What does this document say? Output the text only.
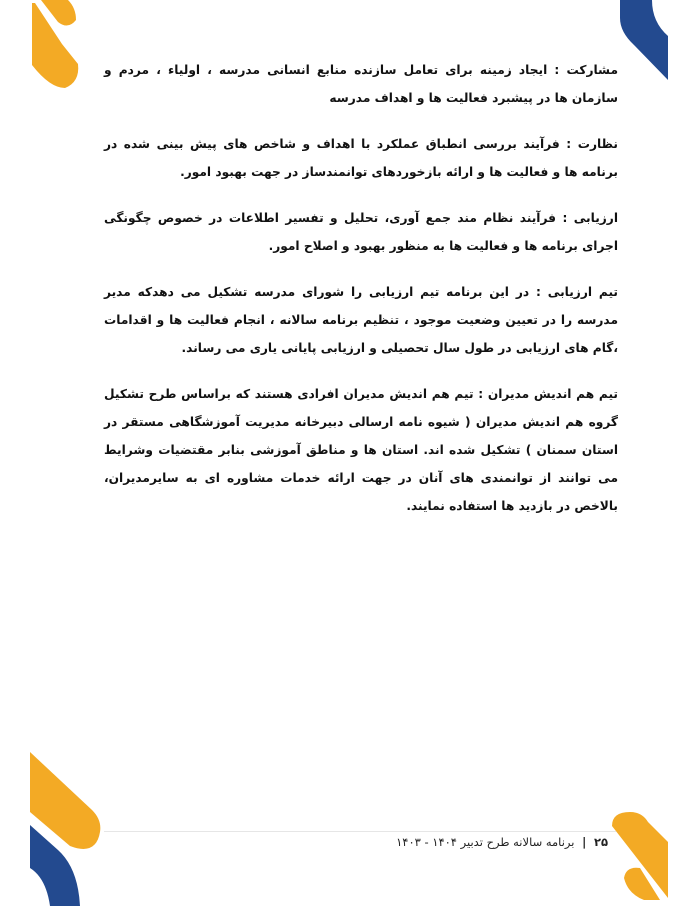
مشارکت : ایجاد زمینه برای تعامل سازنده منابع انسانی مدرسه ، اولیاء ، مردم و سازمان ها در پیشبرد فعالیت ها و اهداف مدرسه

نظارت : فرآیند بررسی انطباق عملکرد با اهداف و شاخص های پیش بینی شده در برنامه ها و فعالیت ها و ارائه بازخوردهای توانمندساز در جهت بهبود امور.

ارزیابی : فرآیند نظام مند جمع آوری، تحلیل و تفسیر اطلاعات در خصوص چگونگی اجرای برنامه ها و فعالیت ها به منظور بهبود و اصلاح امور.

تیم ارزیابی : در این برنامه تیم ارزیابی را شورای مدرسه تشکیل می دهدکه مدیر مدرسه را در تعیین وضعیت موجود ، تنظیم برنامه سالانه ، انجام فعالیت ها و اقدامات ،گام های ارزیابی در طول سال تحصیلی و ارزیابی پایانی یاری می رساند.

تیم هم اندیش مدیران : تیم هم اندیش مدیران افرادی هستند که براساس طرح تشکیل گروه هم اندیش مدیران ( شیوه نامه ارسالی دبیرخانه مدیریت آموزشگاهی مستقر در استان سمنان ) تشکیل شده اند. استان ها و مناطق آموزشی بنابر مقتضیات وشرایط می توانند از توانمندی های آنان در جهت ارائه خدمات مشاوره ای به سایرمدیران، بالاخص در بازدید ها استفاده نمایند.

۲۵ | برنامه سالانه طرح تدبیر ۱۴۰۴ - ۱۴۰۳
